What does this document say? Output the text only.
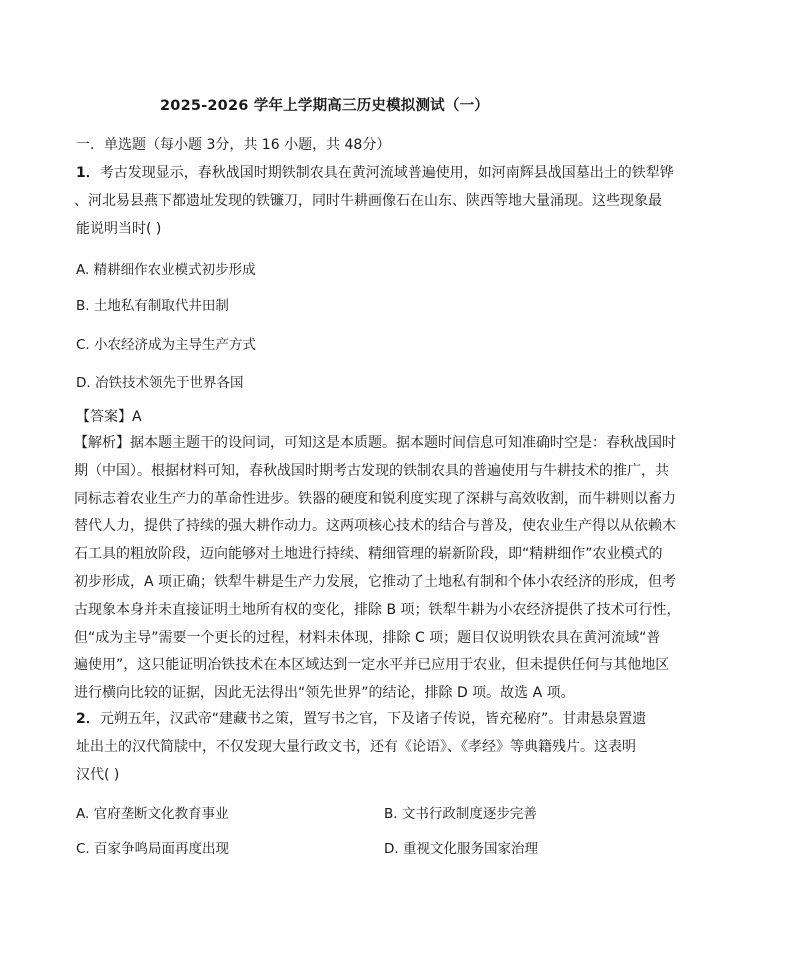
2025-2026 学年上学期高三历史模拟测试（一）
一．单选题（每小题 3分，共 16 小题，共 48分）

1．考古发现显示，春秋战国时期铁制农具在黄河流域普遍使用，如河南辉县战国墓出土的铁犁铧

、河北易县燕下都遗址发现的铁镰刀，同时牛耕画像石在山东、陕西等地大量涌现。这些现象最

能说明当时( )

A. 精耕细作农业模式初步形成
B. 土地私有制取代井田制
C. 小农经济成为主导生产方式
D. 冶铁技术领先于世界各国
【答案】A

【解析】据本题主题干的设问词，可知这是本质题。据本题时间信息可知准确时空是：春秋战国时

期（中国）。根据材料可知，春秋战国时期考古发现的铁制农具的普遍使用与牛耕技术的推广，共

同标志着农业生产力的革命性进步。铁器的硬度和锐利度实现了深耕与高效收割，而牛耕则以畜力

替代人力，提供了持续的强大耕作动力。这两项核心技术的结合与普及，使农业生产得以从依赖木

石工具的粗放阶段，迈向能够对土地进行持续、精细管理的崭新阶段，即“精耕细作”农业模式的

初步形成，A 项正确；铁犁牛耕是生产力发展，它推动了土地私有制和个体小农经济的形成，但考

古现象本身并未直接证明土地所有权的变化，排除 B 项；铁犁牛耕为小农经济提供了技术可行性，

但“成为主导”需要一个更长的过程，材料未体现，排除 C 项；题目仅说明铁农具在黄河流域“普

遍使用”，这只能证明冶铁技术在本区域达到一定水平并已应用于农业，但未提供任何与其他地区

进行横向比较的证据，因此无法得出“领先世界”的结论，排除 D 项。故选 A 项。

2．元朔五年，汉武帝“建藏书之策，置写书之官，下及诸子传说，皆充秘府”。甘肃悬泉置遗

址出土的汉代简牍中，不仅发现大量行政文书，还有《论语》、《孝经》等典籍残片。这表明

汉代( )

A. 官府垄断文化教育事业	B. 文书行政制度逐步完善
C. 百家争鸣局面再度出现	D. 重视文化服务国家治理
